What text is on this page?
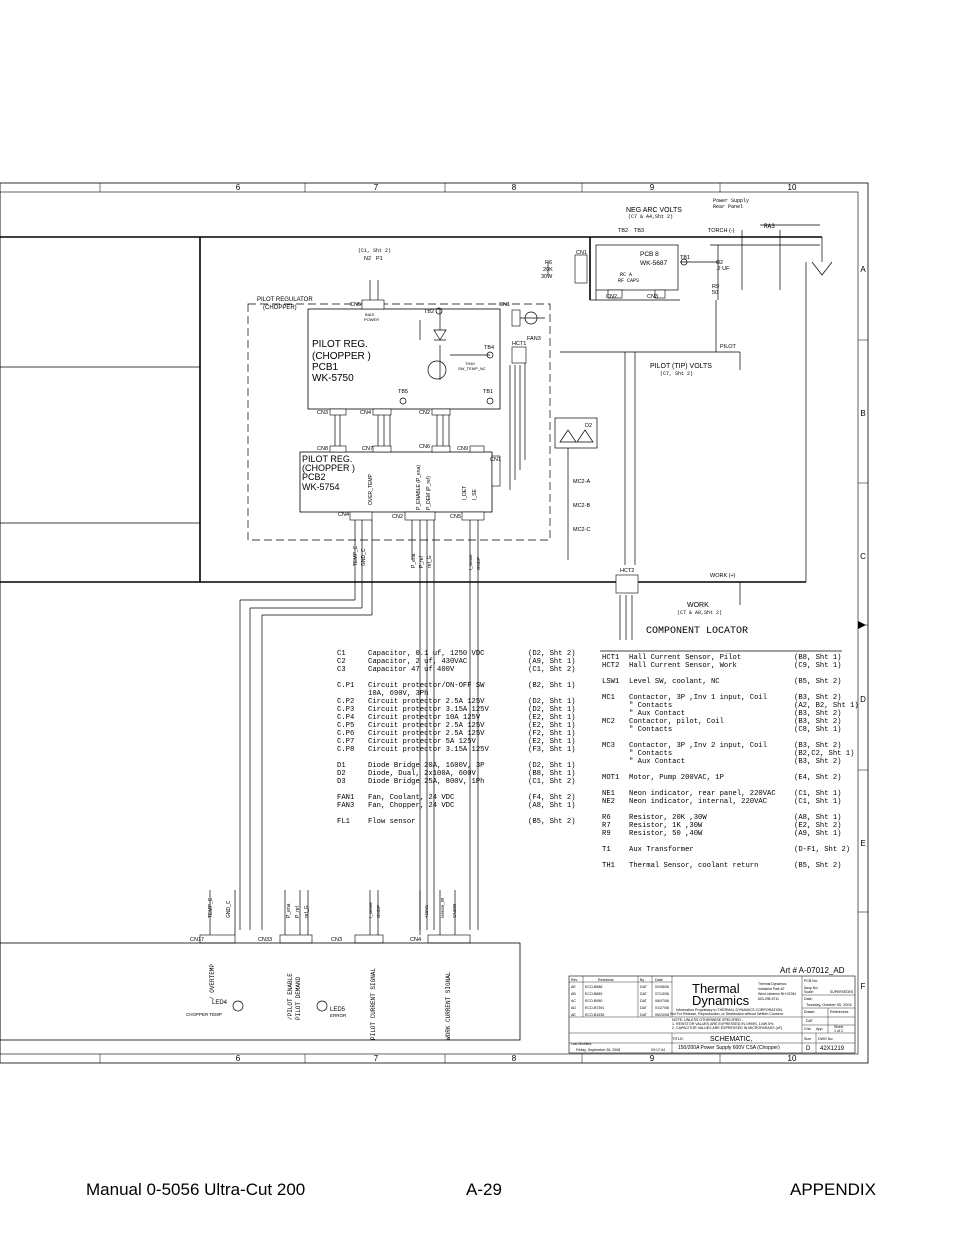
6	7	8	9	10
6	7	8	9	10
A
B
C
D
E
F
NEG ARC VOLTS
(C7 & A4,Sht 2)
Power Supply
Rear Panel
TORCH (-)
RA3
TB2 TB3
CN1	PCB 8
WK-5687
TB1
RC A
RF CAPS
C2
.2 UF
R9
50
R6
20K
30W
CN2	CN3
(C1, Sht 2)
N2 P1
PILOT REGULATOR
(CHOPPER)	CN5
BIAS
POWER
TB2
CN1
FAN3
TB4
HCT1
PILOT REG.
(CHOPPER )
PCB1
WK-5750
TH40
SW_TEMP_NC
TB5	TB1
PILOT
PILOT (TIP) VOLTS
(C7, Sht 2)
CN3	CN4	CN2
D2
CN8	CN7	CN6	CN9
CN1
PILOT REG.
(CHOPPER )
PCB2
WK-5754	OVER_TEMP	P_ENABLE (P_ena) P_DEM (P_ref)	I_DET I_SE
CN4	CN2	CN5
MC2-A
MC2-B
MC2-C
HCT2
WORK (+)
WORK
(C7 & A8,Sht 2)
TEMP_C GND_C	P_ena P_ref ref_G	I_sense GNDP
COMPONENT LOCATOR
Art # A-07012_AD
CN17	CN33	CN3	CN4
/ OVERTEMP	/PILOT ENABLE PILOT DEMAND	PILOT CURRENT SIGNAL	WORK CURRENT SIGNAL
LED4
CHOPPER TEMP
LED5
ERROR
TEMP_C GND_C	P_ena P_ref ref_G	I_sense GNDP	+15Va Isense_W GNDW
C1	Capacitor, 0.1 uf, 1250 VDC	(D2, Sht 2)
C2	Capacitor, 2 uf, 430VAC	(A9, Sht 1)
C3	Capacitor 47 uf 400V	(C1, Sht 2)
C.P1 Circuit protector/ON-OFF SW	(B2, Sht 1)
10A, 690V, 3Ph
C.P2 Circuit protector 2.5A 125V	(D2, Sht 1)
C.P3 Circuit protector 3.15A 125V	(D2, Sht 1)
C.P4 Circuit protector 10A 125V	(E2, Sht 1)
C.P5 Circuit protector 2.5A 125V	(E2, Sht 1)
C.P6 Circuit protector 2.5A 125V	(F2, Sht 1)
C.P7 Circuit protector 5A 125V	(E2, Sht 1)
C.P8 Circuit protector 3.15A 125V	(F3, Sht 1)
D1	Diode Bridge 20A, 1600V, 3P	(D2, Sht 1)
D2	Diode, Dual, 2x100A, 600V	(B8, Sht 1)
D3	Diode Bridge 25A, 800V, 1Ph	(C1, Sht 2)
FAN1 Fan, Coolant, 24 VDC	(F4, Sht 2)
FAN3 Fan, Chopper, 24 VDC	(A8, Sht 1)
FL1	Flow sensor	(B5, Sht 2)
HCT1 Hall Current Sensor, Pilot	(B8, Sht 1)
HCT2 Hall Current Sensor, Work	(C9, Sht 1)
LSW1 Level SW, coolant, NC	(B5, Sht 2)
MC1 Contactor, 3P ,Inv 1 input, Coil	(B3, Sht 2)
" Contacts	(A2, B2, Sht 1)
" Aux Contact	(B3, Sht 2)
MC2 Contactor, pilot, Coil	(B3, Sht 2)
" Contacts	(C8, Sht 1)
MC3 Contactor, 3P ,Inv 2 input, Coil	(B3, Sht 2)
" Contacts	(B2,C2, Sht 1)
" Aux Contact	(B3, Sht 2)
MOT1 Motor, Pump 200VAC, 1P	(E4, Sht 2)
NE1 Neon indicator, rear panel, 220VAC	(C1, Sht 1)
NE2 Neon indicator, internal, 220VAC	(C1, Sht 1)
R6	Resistor, 20K ,30W	(A8, Sht 1)
R7	Resistor, 1K ,30W	(E2, Sht 2)
R9	Resistor, 50 ,40W	(A9, Sht 1)
T1	Aux Transformer	(D-F1, Sht 2)
TH1 Thermal Sensor, coolant return	(B5, Sht 2)
AE	ECO-B586	DAT 02/08/06
AB	ECO-B889	DAT 07/13/06
AC	ECO-B950	DAT 08/07/06
AD	ECO-B7391	DAT 01/27/08
AE	ECO-B1535	DAT 05/23/08
Rev	Revisions	By	Date
Thermal
Dynamics
Thermal Dynamics
Industrial Park #2
West Lebanon NH 03784
603-298-5711
PCB No:
Assy No:
Scale:	SUPERSEDES
Date:
Tuesday, October 05, 2004
Drawn:	References
DAT
Chk: App:	Sheet
1 of 2
Information Proprietary to THERMAL DYNAMICS CORPORATION.
Not For Release, Reproduction, or Distribution without Written Consent.
NOTE: UNLESS OTHERWISE SPECIFIED -
1. RESISTOR VALUES ARE EXPRESSED IN OHMS, 1/4W 5%.
2. CAPACITOR VALUES ARE EXPRESSED IN MICROFARADS (uF).
TITLE:	SCHEMATIC,
150/200A Power Supply 600V CSA (Chopper)
Size
D
DWG No:
42X1219
Last Modified:
Friday, September 26, 2008	09:17:44
Manual 0-5056 Ultra-Cut 200	A-29	APPENDIX
